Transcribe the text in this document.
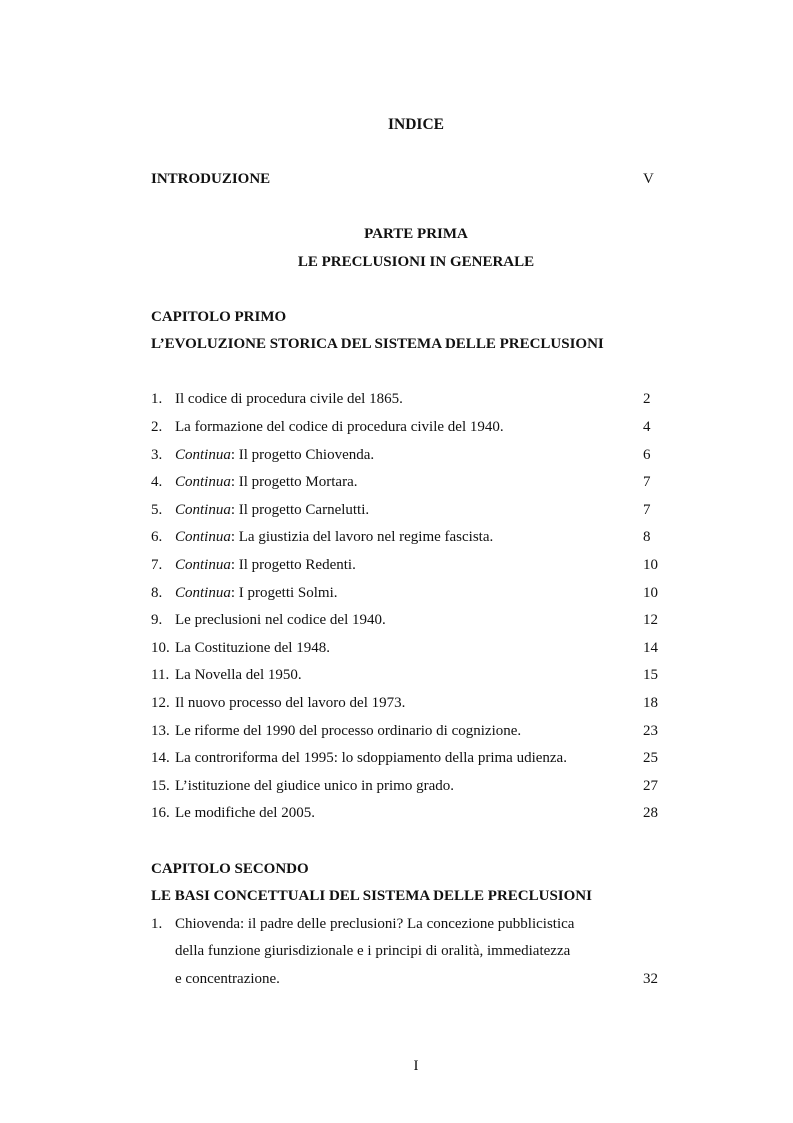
INDICE
INTRODUZIONE	V
PARTE PRIMA
LE PRECLUSIONI IN GENERALE
CAPITOLO PRIMO
L’EVOLUZIONE STORICA DEL SISTEMA DELLE PRECLUSIONI
1. Il codice di procedura civile del 1865.	2
2. La formazione del codice di procedura civile del 1940.	4
3. Continua: Il progetto Chiovenda.	6
4. Continua: Il progetto Mortara.	7
5. Continua: Il progetto Carnelutti.	7
6. Continua: La giustizia del lavoro nel regime fascista.	8
7. Continua: Il progetto Redenti.	10
8. Continua: I progetti Solmi.	10
9. Le preclusioni nel codice del 1940.	12
10. La Costituzione del 1948.	14
11. La Novella del 1950.	15
12. Il nuovo processo del lavoro del 1973.	18
13. Le riforme del 1990 del processo ordinario di cognizione.	23
14. La controriforma del 1995: lo sdoppiamento della prima udienza.	25
15. L’istituzione del giudice unico in primo grado.	27
16. Le modifiche del 2005.	28
CAPITOLO SECONDO
LE BASI CONCETTUALI DEL SISTEMA DELLE PRECLUSIONI
1. Chiovenda: il padre delle preclusioni? La concezione pubblicistica
della funzione giurisdizionale e i principi di oralità, immediatezza
e concentrazione.	32
I
